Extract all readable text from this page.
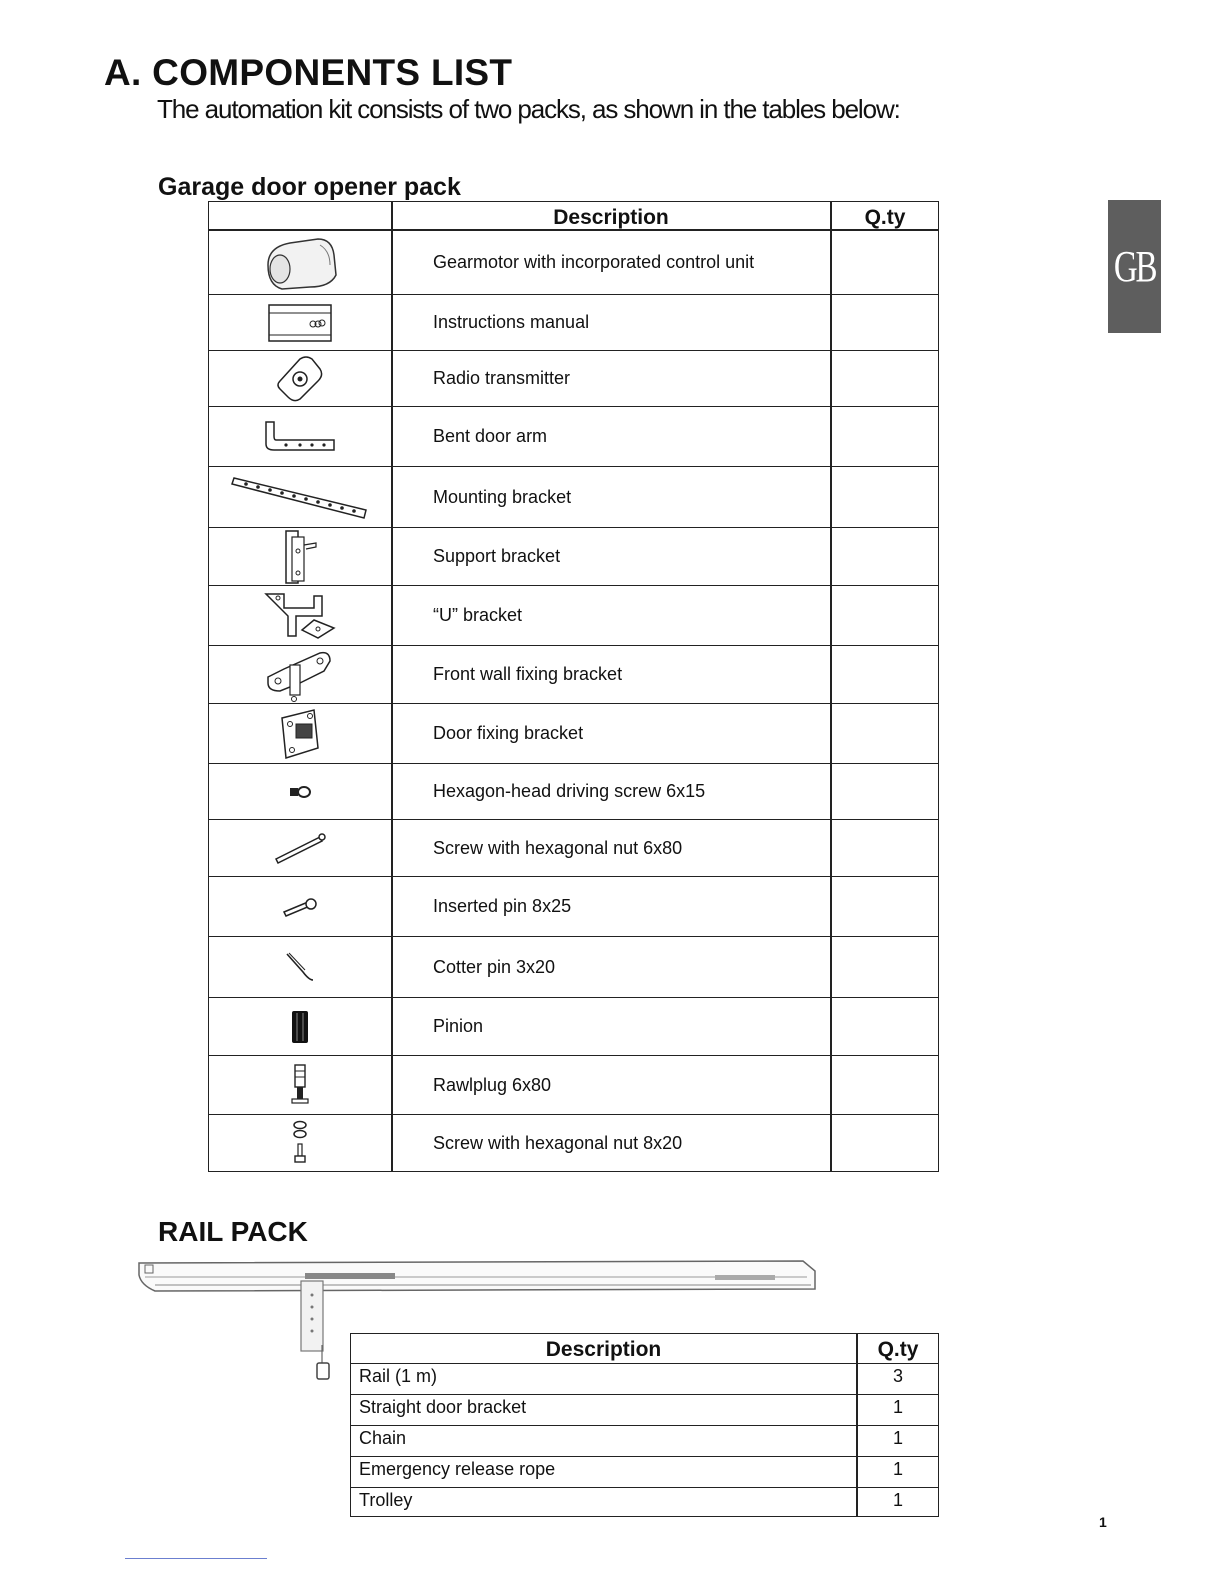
A. COMPONENTS LIST
The automation kit consists of two packs, as shown in the tables below:
Garage door opener pack
GB
Description	Q.ty
Gearmotor with incorporated control unit
Instructions manual
Radio transmitter
Bent door arm
Mounting bracket
Support bracket
“U” bracket
Front wall fixing bracket
Door fixing bracket
Hexagon-head driving screw 6x15
Screw with hexagonal nut 6x80
Inserted pin 8x25
Cotter pin 3x20
Pinion
Rawlplug 6x80
Screw with hexagonal nut 8x20
RAIL PACK
Description	Q.ty
Rail (1 m)	3
Straight door bracket	1
Chain	1
Emergency release rope	1
Trolley	1
1
